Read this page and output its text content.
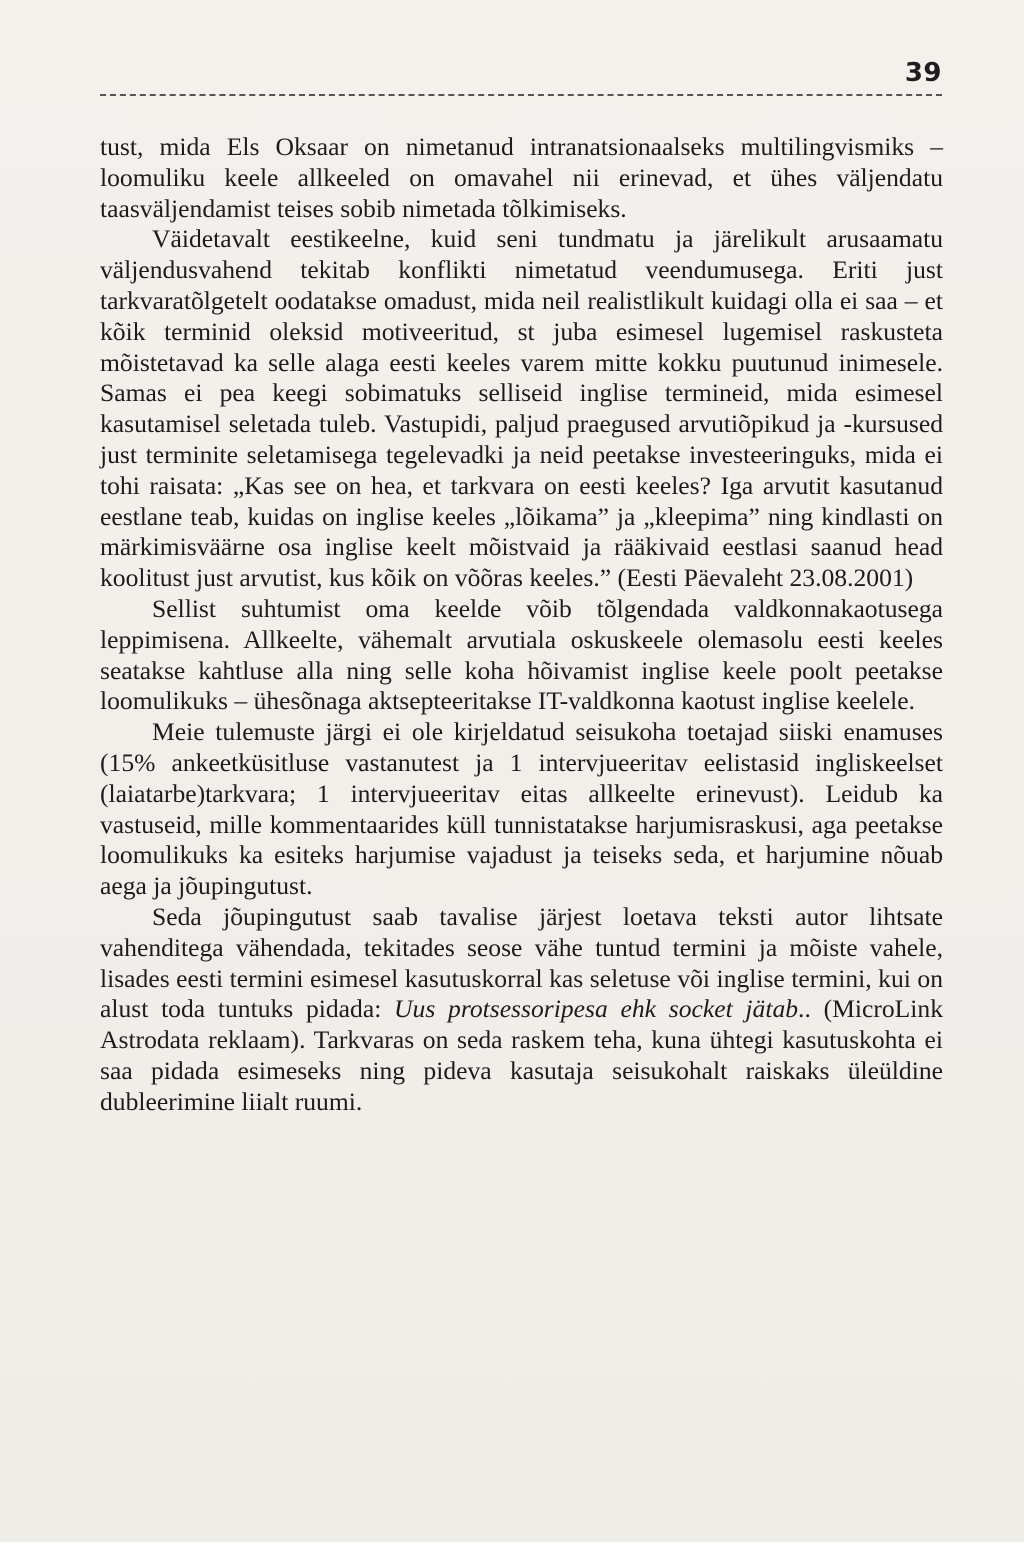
39

tust, mida Els Oksaar on nimetanud intranatsionaalseks multilingvismiks – loomuliku keele allkeeled on omavahel nii erinevad, et ühes väljendatu taasväljendamist teises sobib nimetada tõlkimiseks.

Väidetavalt eestikeelne, kuid seni tundmatu ja järelikult arusaamatu väljendusvahend tekitab konflikti nimetatud veendumusega. Eriti just tarkvaratõlgetelt oodatakse omadust, mida neil realistlikult kuidagi olla ei saa – et kõik terminid oleksid motiveeritud, st juba esimesel lugemisel raskusteta mõistetavad ka selle alaga eesti keeles varem mitte kokku puutunud inimesele. Samas ei pea keegi sobimatuks selliseid inglise termineid, mida esimesel kasutamisel seletada tuleb. Vastupidi, paljud praegused arvutiõpikud ja -kursused just terminite seletamisega tegelevadki ja neid peetakse investeeringuks, mida ei tohi raisata: „Kas see on hea, et tarkvara on eesti keeles? Iga arvutit kasutanud eestlane teab, kuidas on inglise keeles „lõikama” ja „kleepima” ning kindlasti on märkimisväärne osa inglise keelt mõistvaid ja rääkivaid eestlasi saanud head koolitust just arvutist, kus kõik on võõras keeles.” (Eesti Päevaleht 23.08.2001)

Sellist suhtumist oma keelde võib tõlgendada valdkonnakaotusega leppimisena. Allkeelte, vähemalt arvutiala oskuskeele olemasolu eesti keeles seatakse kahtluse alla ning selle koha hõivamist inglise keele poolt peetakse loomulikuks – ühesõnaga aktsepteeritakse IT-valdkonna kaotust inglise keelele.

Meie tulemuste järgi ei ole kirjeldatud seisukoha toetajad siiski enamuses (15% ankeetküsitluse vastanutest ja 1 intervjueeritav eelistasid ingliskeelset (laiatarbe)tarkvara; 1 intervjueeritav eitas allkeelte erinevust). Leidub ka vastuseid, mille kommentaarides küll tunnistatakse harjumisraskusi, aga peetakse loomulikuks ka esiteks harjumise vajadust ja teiseks seda, et harjumine nõuab aega ja jõupingutust.

Seda jõupingutust saab tavalise järjest loetava teksti autor lihtsate vahenditega vähendada, tekitades seose vähe tuntud termini ja mõiste vahele, lisades eesti termini esimesel kasutuskorral kas seletuse või inglise termini, kui on alust toda tuntuks pidada: Uus protsessoripesa ehk socket jätab.. (MicroLink Astrodata reklaam). Tarkvaras on seda raskem teha, kuna ühtegi kasutuskohta ei saa pidada esimeseks ning pideva kasutaja seisukohalt raiskaks üleüldine dubleerimine liialt ruumi.
